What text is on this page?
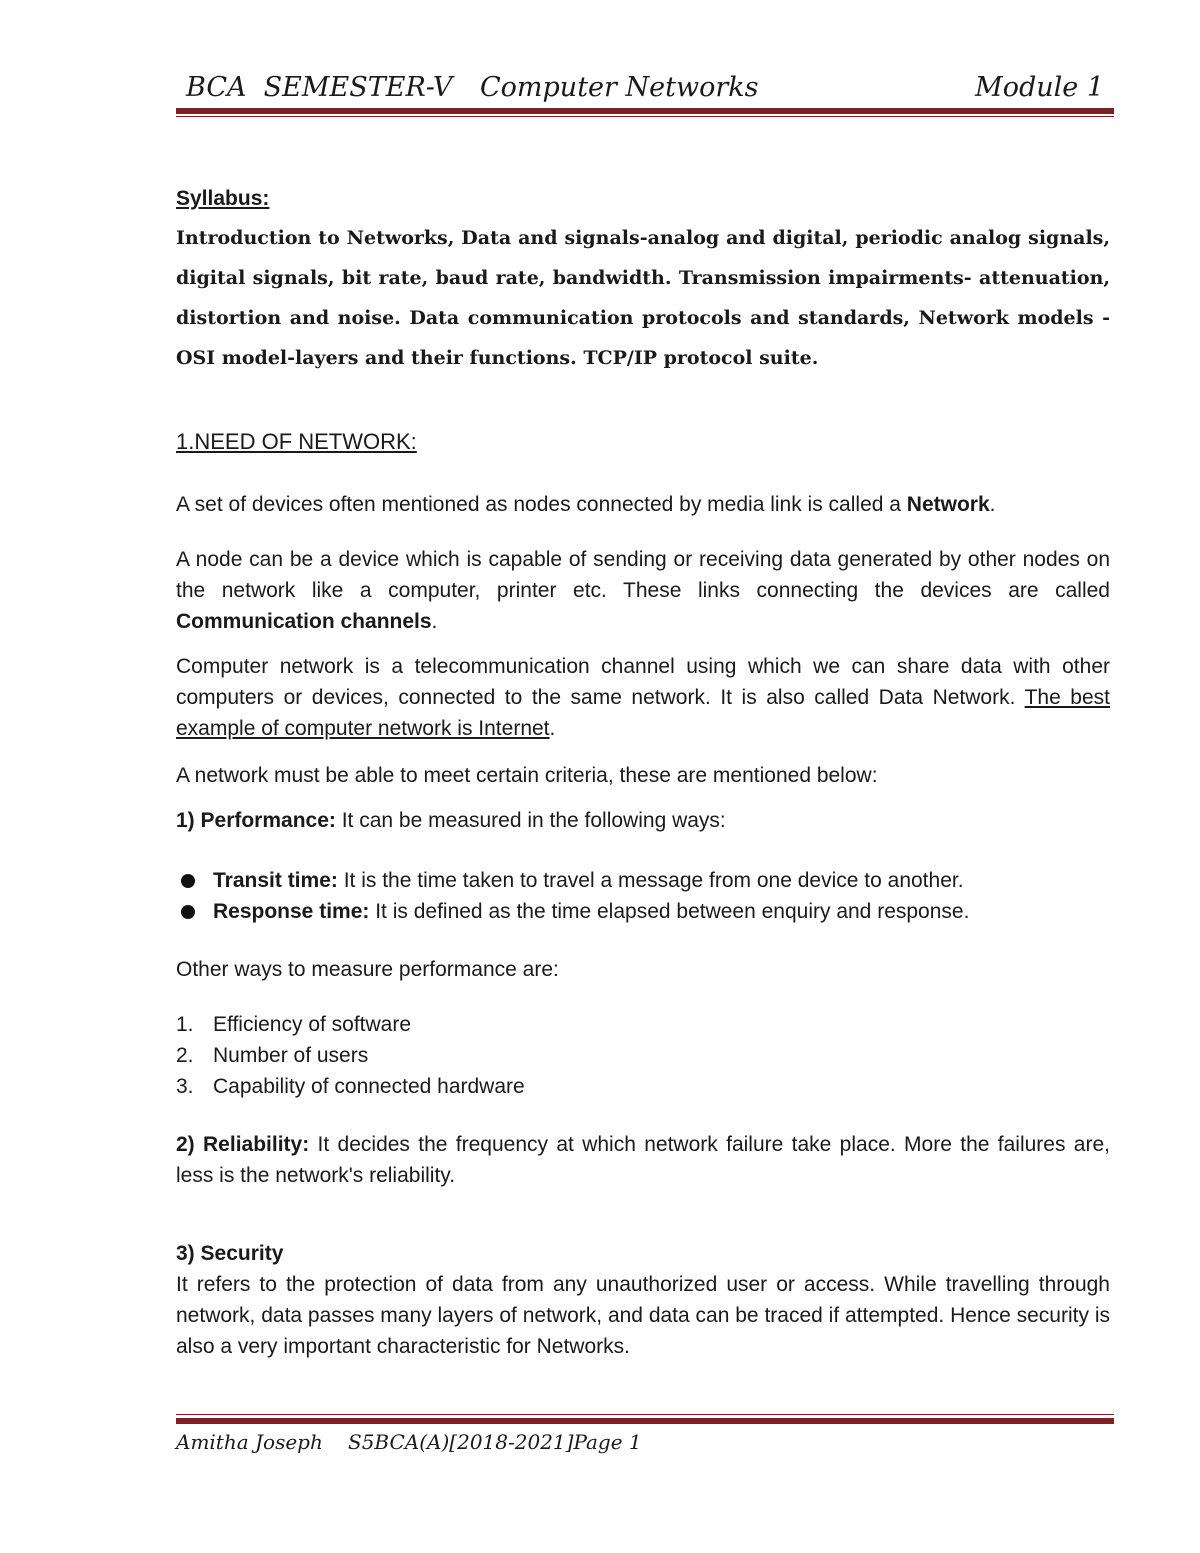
BCA  SEMESTER-V Computer Networks	Module 1
Syllabus:
Introduction to Networks, Data and signals-analog and digital, periodic analog signals, digital signals, bit rate, baud rate, bandwidth. Transmission impairments- attenuation, distortion and noise. Data communication protocols and standards, Network models - OSI model-layers and their functions. TCP/IP protocol suite.
1.NEED OF NETWORK:
A set of devices often mentioned as nodes connected by media link is called a Network.
A node can be a device which is capable of sending or receiving data generated by other nodes on the network like a computer, printer etc. These links connecting the devices are called Communication channels.
Computer network is a telecommunication channel using which we can share data with other computers or devices, connected to the same network. It is also called Data Network. The best example of computer network is Internet.
A network must be able to meet certain criteria, these are mentioned below:
1) Performance: It can be measured in the following ways:
Transit time: It is the time taken to travel a message from one device to another.
Response time: It is defined as the time elapsed between enquiry and response.
Other ways to measure performance are:
1. Efficiency of software
2. Number of users
3. Capability of connected hardware
2) Reliability: It decides the frequency at which network failure take place. More the failures are, less is the network's reliability.
3) Security
It refers to the protection of data from any unauthorized user or access. While travelling through network, data passes many layers of network, and data can be traced if attempted. Hence security is also a very important characteristic for Networks.
Amitha Joseph S5BCA(A)[2018-2021]Page 1
